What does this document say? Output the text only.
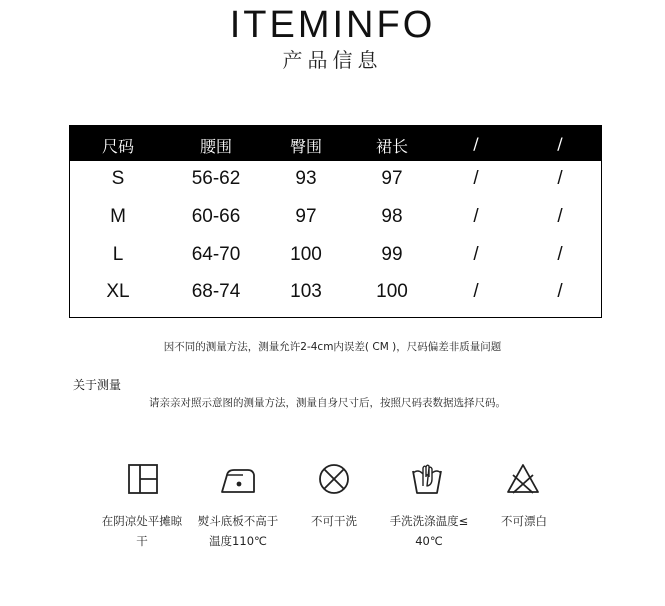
ITEMINFO
产品信息
尺码	腰围	臀围	裙长	/	/
S	56-62	93	97	/	/
M	60-66	97	98	/	/
L	64-70	100	99	/	/
XL	68-74	103	100	/	/
因不同的测量方法，测量允许2-4cm内误差( CM )，尺码偏差非质量问题
关于测量
请亲亲对照示意图的测量方法，测量自身尺寸后，按照尺码表数据选择尺码。
在阴凉处平摊晾
干
熨斗底板不高于
温度110℃
不可干洗	手洗洗涤温度≤
40℃
不可漂白
